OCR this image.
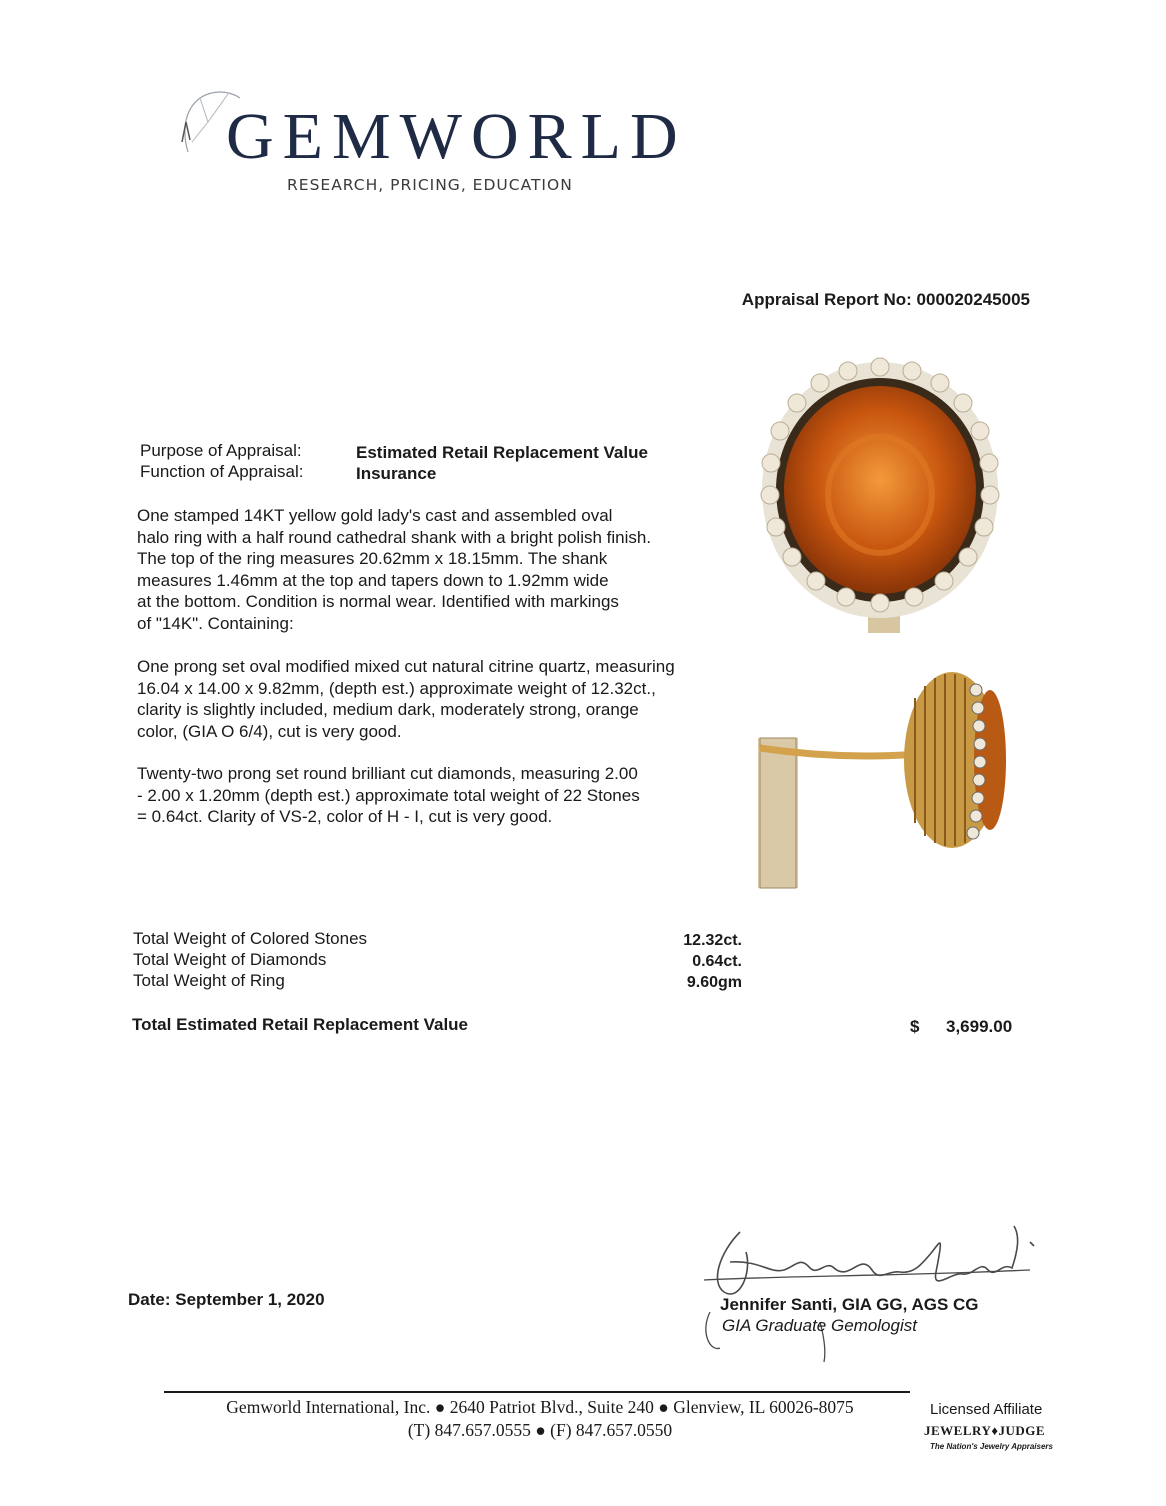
GEMWORLD
RESEARCH, PRICING, EDUCATION
Appraisal Report No: 000020245005
Purpose of Appraisal:	Estimated Retail Replacement Value
Function of Appraisal:	Insurance
One stamped 14KT yellow gold lady's cast and assembled oval
halo ring with a half round cathedral shank with a bright polish finish.
The top of the ring measures 20.62mm x 18.15mm. The shank
measures 1.46mm at the top and tapers down to 1.92mm wide
at the bottom. Condition is normal wear. Identified with markings
of "14K". Containing:
One prong set oval modified mixed cut natural citrine quartz, measuring
16.04 x 14.00 x 9.82mm, (depth est.) approximate weight of 12.32ct.,
clarity is slightly included, medium dark, moderately strong, orange
color, (GIA O 6/4), cut is very good.
Twenty-two prong set round brilliant cut diamonds, measuring 2.00
- 2.00 x 1.20mm (depth est.) approximate total weight of 22 Stones
= 0.64ct. Clarity of VS-2, color of H - I, cut is very good.
Total Weight of Colored Stones	12.32ct.
Total Weight of Diamonds	0.64ct.
Total Weight of Ring	9.60gm
Total Estimated Retail Replacement Value	$ 3,699.00
Date: September 1, 2020	Jennifer Santi, GIA GG, AGS CG
GIA Graduate Gemologist
Gemworld International, Inc. ● 2640 Patriot Blvd., Suite 240 ● Glenview, IL 60026-8075
(T) 847.657.0555 ● (F) 847.657.0550
Licensed Affiliate
JEWELRY♦JUDGE
The Nation's Jewelry Appraisers
